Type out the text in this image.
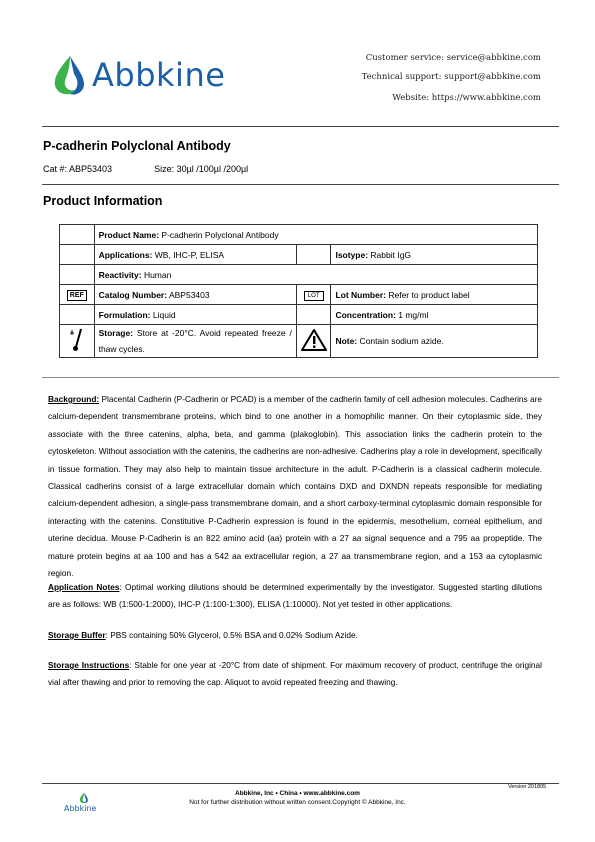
Abbkine	Customer service: service@abbkine.com
Technical support: support@abbkine.com
Website: https://www.abbkine.com
P-cadherin Polyclonal Antibody
Cat #: ABP53403	Size: 30µl /100µl /200µl
Product Information
	Product Name: P-cadherin Polyclonal Antibody		
	Applications: WB, IHC-P, ELISA		Isotype: Rabbit IgG
	Reactivity: Human		
REF	Catalog Number: ABP53403	LOT	Lot Number: Refer to product label
	Formulation: Liquid		Concentration: 1 mg/ml
	Storage: Store at -20°C. Avoid repeated freeze / thaw cycles.		Note: Contain sodium azide.
Background: Placental Cadherin (P-Cadherin or PCAD) is a member of the cadherin family of cell adhesion molecules. Cadherins are calcium-dependent transmembrane proteins, which bind to one another in a homophilic manner. On their cytoplasmic side, they associate with the three catenins, alpha, beta, and gamma (plakoglobin). This association links the cadherin protein to the cytoskeleton. Without association with the catenins, the cadherins are non-adhesive. Cadherins play a role in development, specifically in tissue formation. They may also help to maintain tissue architecture in the adult. P-Cadherin is a classical cadherin molecule. Classical cadherins consist of a large extracellular domain which contains DXD and DXNDN repeats responsible for mediating calcium-dependent adhesion, a single-pass transmembrane domain, and a short carboxy-terminal cytoplasmic domain responsible for interacting with the catenins. Constitutive P-Cadherin expression is found in the epidermis, mesothelium, corneal epithelium, and uterine decidua. Mouse P-Cadherin is an 822 amino acid (aa) protein with a 27 aa signal sequence and a 795 aa propeptide. The mature protein begins at aa 100 and has a 542 aa extracellular region, a 27 aa transmembrane region, and a 153 aa cytoplasmic region.
Application Notes: Optimal working dilutions should be determined experimentally by the investigator. Suggested starting dilutions are as follows: WB (1:500-1:2000), IHC-P (1:100-1:300), ELISA (1:10000). Not yet tested in other applications.
Storage Buffer: PBS containing 50% Glycerol, 0.5% BSA and 0.02% Sodium Azide.
Storage Instructions: Stable for one year at -20°C from date of shipment. For maximum recovery of product, centrifuge the original vial after thawing and prior to removing the cap. Aliquot to avoid repeated freezing and thawing.
Version 201805
Abbkine
Abbkine, Inc • China • www.abbkine.com
Not for further distribution without written consent.Copyright © Abbkine, Inc.
